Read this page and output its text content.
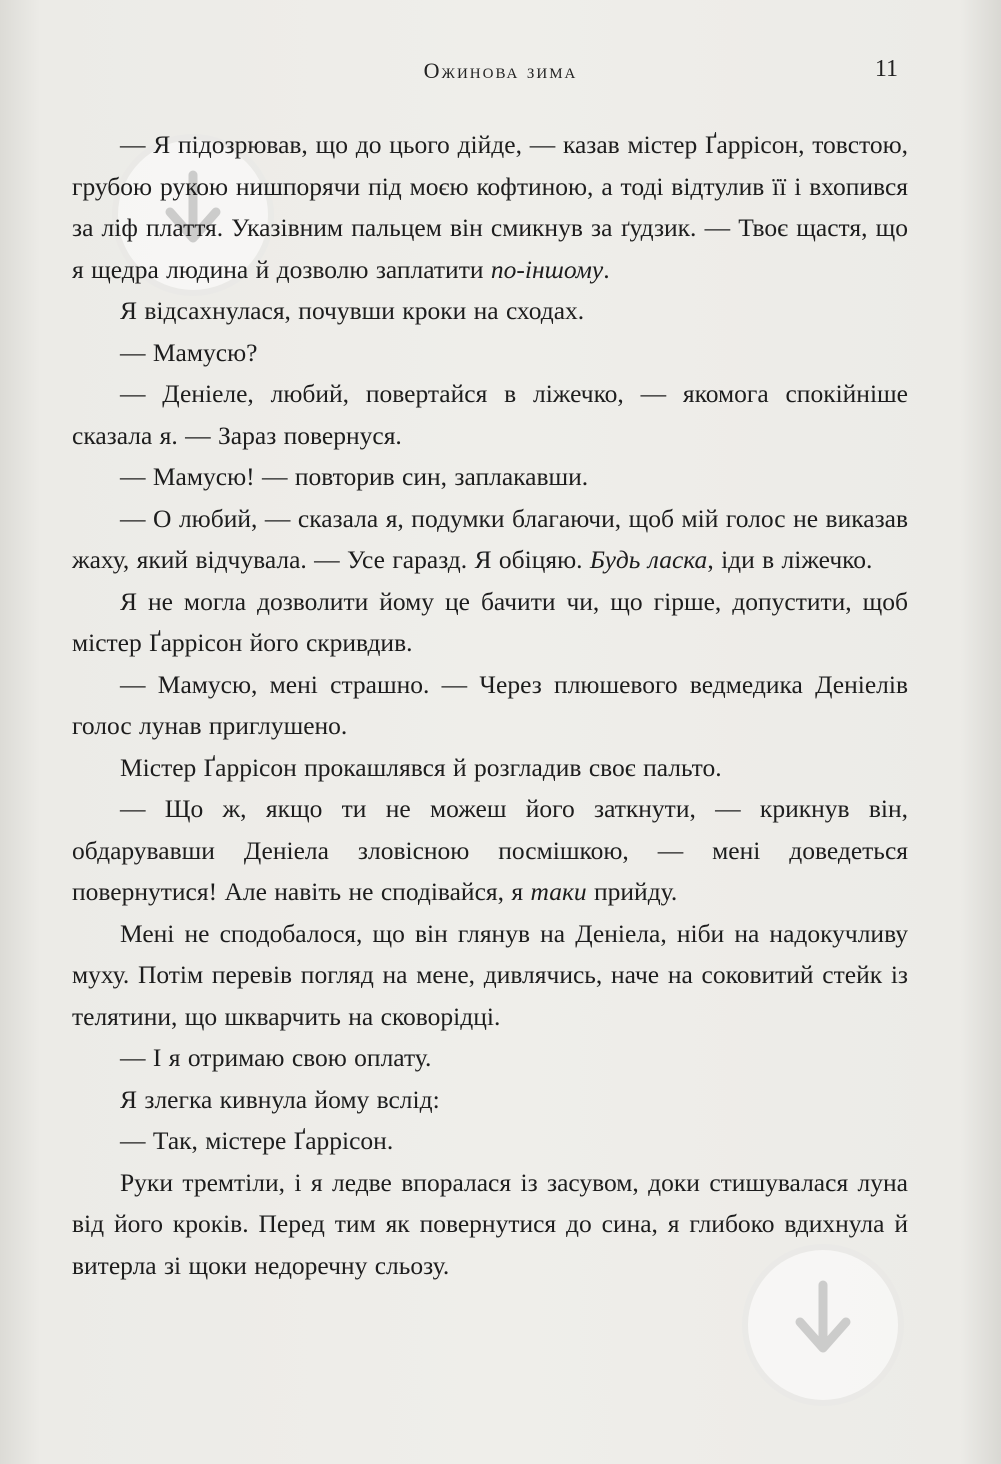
Ожинова зима	11

— Я підозрював, що до цього дійде, — казав містер Ґаррісон, товстою, грубою рукою нишпорячи під моєю кофтиною, а тоді відтулив її і вхопився за ліф плаття. Указівним пальцем він смикнув за ґудзик. — Твоє щастя, що я щедра людина й дозволю заплатити по-іншому.

Я відсахнулася, почувши кроки на сходах.

— Мамусю?

— Деніеле, любий, повертайся в ліжечко, — якомога спокійніше сказала я. — Зараз повернуся.

— Мамусю! — повторив син, заплакавши.

— О любий, — сказала я, подумки благаючи, щоб мій голос не виказав жаху, який відчувала. — Усе гаразд. Я обіцяю. Будь ласка, іди в ліжечко.

Я не могла дозволити йому це бачити чи, що гірше, допустити, щоб містер Ґаррісон його скривдив.

— Мамусю, мені страшно. — Через плюшевого ведмедика Деніелів голос лунав приглушено.

Містер Ґаррісон прокашлявся й розгладив своє пальто.

— Що ж, якщо ти не можеш його заткнути, — крикнув він, обдарувавши Деніела зловісною посмішкою, — мені доведеться повернутися! Але навіть не сподівайся, я таки прийду.

Мені не сподобалося, що він глянув на Деніела, ніби на надокучливу муху. Потім перевів погляд на мене, дивлячись, наче на соковитий стейк із телятини, що шкварчить на сковорідці.

— І я отримаю свою оплату.

Я злегка кивнула йому вслід:

— Так, містере Ґаррісон.

Руки тремтіли, і я ледве впоралася із засувом, доки стишувалася луна від його кроків. Перед тим як повернутися до сина, я глибоко вдихнула й витерла зі щоки недоречну сльозу.
